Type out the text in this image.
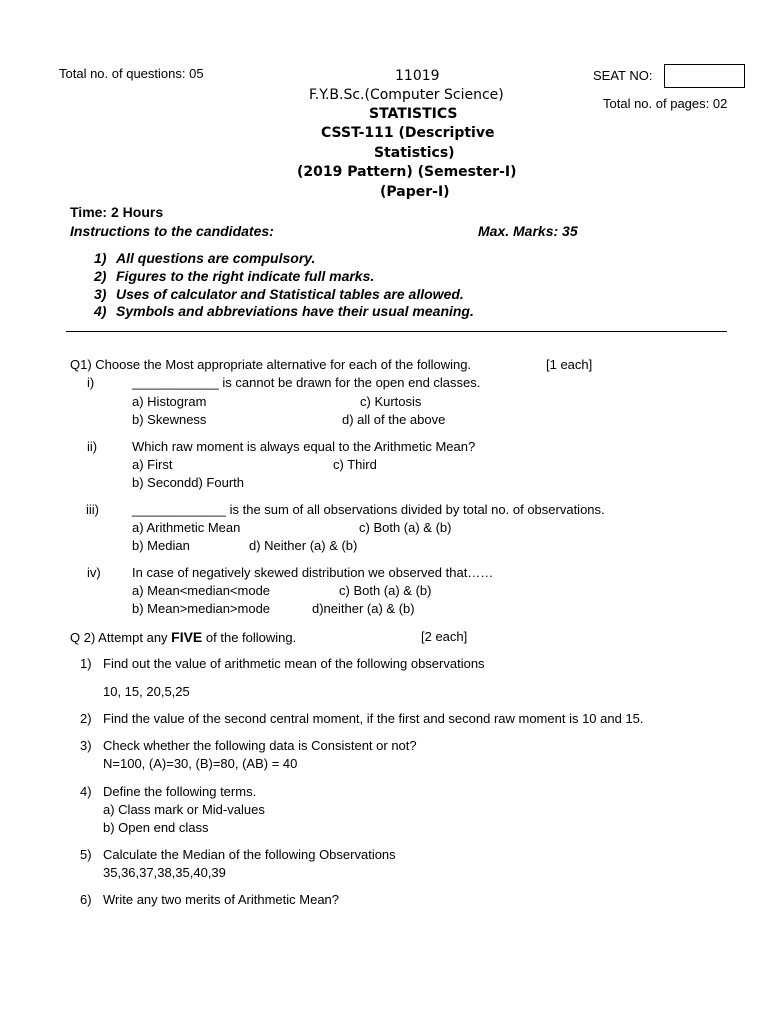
Total no. of questions: 05	11019	SEAT NO:
Total no. of pages: 02
F.Y.B.Sc.(Computer Science)
STATISTICS
CSST-111 (Descriptive
Statistics)
(2019 Pattern) (Semester-I)
(Paper-I)
Time: 2 Hours
Instructions to the candidates:	Max. Marks: 35
1) All questions are compulsory.
2) Figures to the right indicate full marks.
3) Uses of calculator and Statistical tables are allowed.
4) Symbols and abbreviations have their usual meaning.
Q1) Choose the Most appropriate alternative for each of the following.	[1 each]
i)	____________ is cannot be drawn for the open end classes.
a) Histogram	c) Kurtosis
b) Skewness	d) all of the above
ii)	Which raw moment is always equal to the Arithmetic Mean?
a) First	c) Third
b) Secondd) Fourth
iii)	_____________ is the sum of all observations divided by total no. of observations.
a) Arithmetic Mean	c) Both (a) & (b)
b) Median	d) Neither (a) & (b)
iv) In case of negatively skewed distribution we observed that……
a) Mean<median<mode	c) Both (a) & (b)
b) Mean>median>mode	d)neither (a) & (b)
Q 2) Attempt any FIVE of the following.	[2 each]
1) Find out the value of arithmetic mean of the following observations
10, 15, 20,5,25
2) Find the value of the second central moment, if the first and second raw moment is 10 and 15.
3) Check whether the following data is Consistent or not?
N=100, (A)=30, (B)=80, (AB) = 40
4) Define the following terms.
a) Class mark or Mid-values
b) Open end class
5) Calculate the Median of the following Observations
35,36,37,38,35,40,39
6) Write any two merits of Arithmetic Mean?
